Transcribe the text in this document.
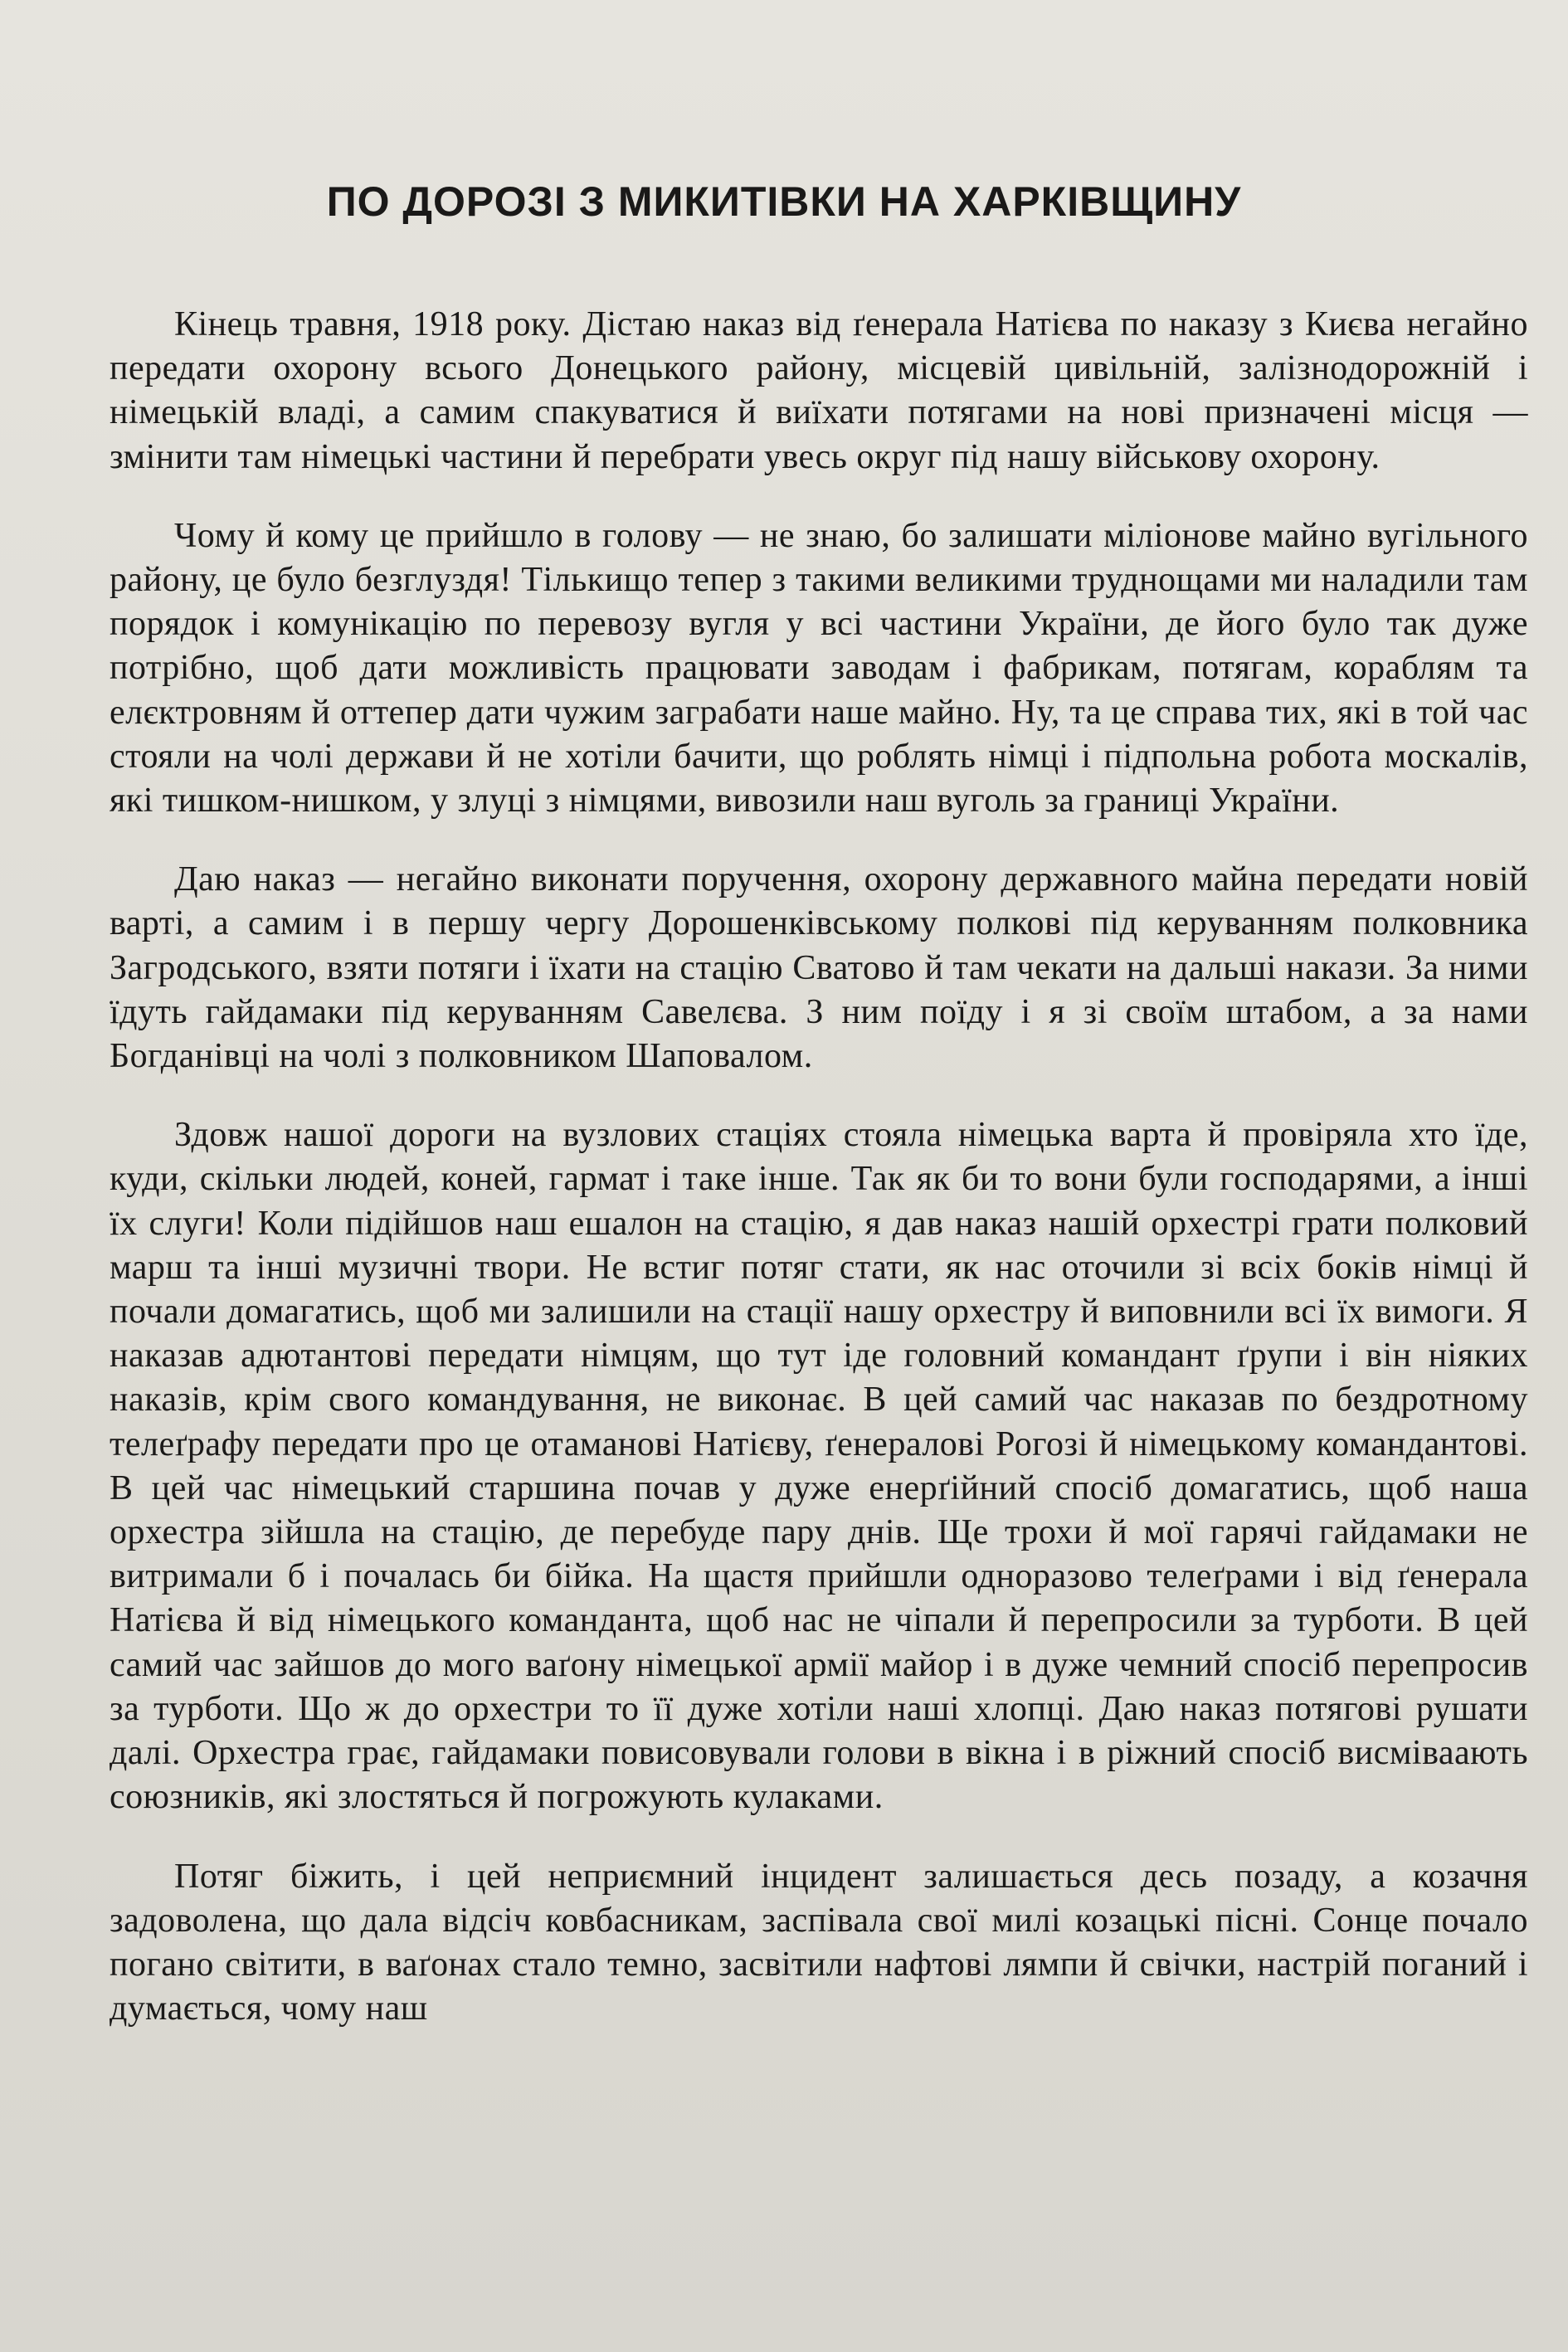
ПО ДОРОЗІ З МИКИТІВКИ НА ХАРКІВЩИНУ

Кінець травня, 1918 року. Дістаю наказ від ґенерала Натієва по наказу з Києва негайно передати охорону всього Донецького району, місцевій цивільній, залізнодорожній і німецькій владі, а самим спакуватися й виїхати потягами на нові призначені місця — змінити там німецькі частини й перебрати увесь округ під нашу військову охорону.

Чому й кому це прийшло в голову — не знаю, бо залишати міліонове майно вугільного району, це було безглуздя! Тількищо тепер з такими великими труднощами ми наладили там порядок і комунікацію по перевозу вугля у всі частини України, де його було так дуже потрібно, щоб дати можливість працювати заводам і фабрикам, потягам, кораблям та елєктровням й оттепер дати чужим заграбати наше майно. Ну, та це справа тих, які в той час стояли на чолі держави й не хотіли бачити, що роблять німці і підпольна робота москалів, які тишком-нишком, у злуці з німцями, вивозили наш вуголь за границі України.

Даю наказ — негайно виконати поручення, охорону державного майна передати новій варті, а самим і в першу чергу Дорошенківському полкові під керуванням полковника Загродського, взяти потяги і їхати на стацію Сватово й там чекати на дальші накази. За ними їдуть гайдамаки під керуванням Савелєва. З ним поїду і я зі своїм штабом, а за нами Богданівці на чолі з полковником Шаповалом.

Здовж нашої дороги на вузлових стаціях стояла німецька варта й провіряла хто їде, куди, скільки людей, коней, гармат і таке інше. Так як би то вони були господарями, а інші їх слуги! Коли підійшов наш ешалон на стацію, я дав наказ нашій орхестрі грати полковий марш та інші музичні твори. Не встиг потяг стати, як нас оточили зі всіх боків німці й почали домагатись, щоб ми залишили на стації нашу орхестру й виповнили всі їх вимоги. Я наказав адютантові передати німцям, що тут іде головний командант ґрупи і він ніяких наказів, крім свого командування, не виконає. В цей самий час наказав по бездротному телеґрафу передати про це отаманові Натієву, ґенералові Рогозі й німецькому командантові. В цей час німецький старшина почав у дуже енерґійний спосіб домагатись, щоб наша орхестра зійшла на стацію, де перебуде пару днів. Ще трохи й мої гарячі гайдамаки не витримали б і почалась би бійка. На щастя прийшли одноразово телеґрами і від ґенерала Натієва й від німецького команданта, щоб нас не чіпали й перепросили за турботи. В цей самий час зайшов до мого ваґону німецької армії майор і в дуже чемний спосіб перепросив за турботи. Що ж до орхестри то її дуже хотіли наші хлопці. Даю наказ потягові рушати далі. Орхестра грає, гайдамаки повисовували голови в вікна і в ріжний спосіб висміваають союзників, які злостяться й погрожують кулаками.

Потяг біжить, і цей неприємний інцидент залишається десь позаду, а козачня задоволена, що дала відсіч ковбасникам, заспівала свої милі козацькі пісні. Сонце почало погано світити, в ваґонах стало темно, засвітили нафтові лямпи й свічки, настрій поганий і думається, чому наш
